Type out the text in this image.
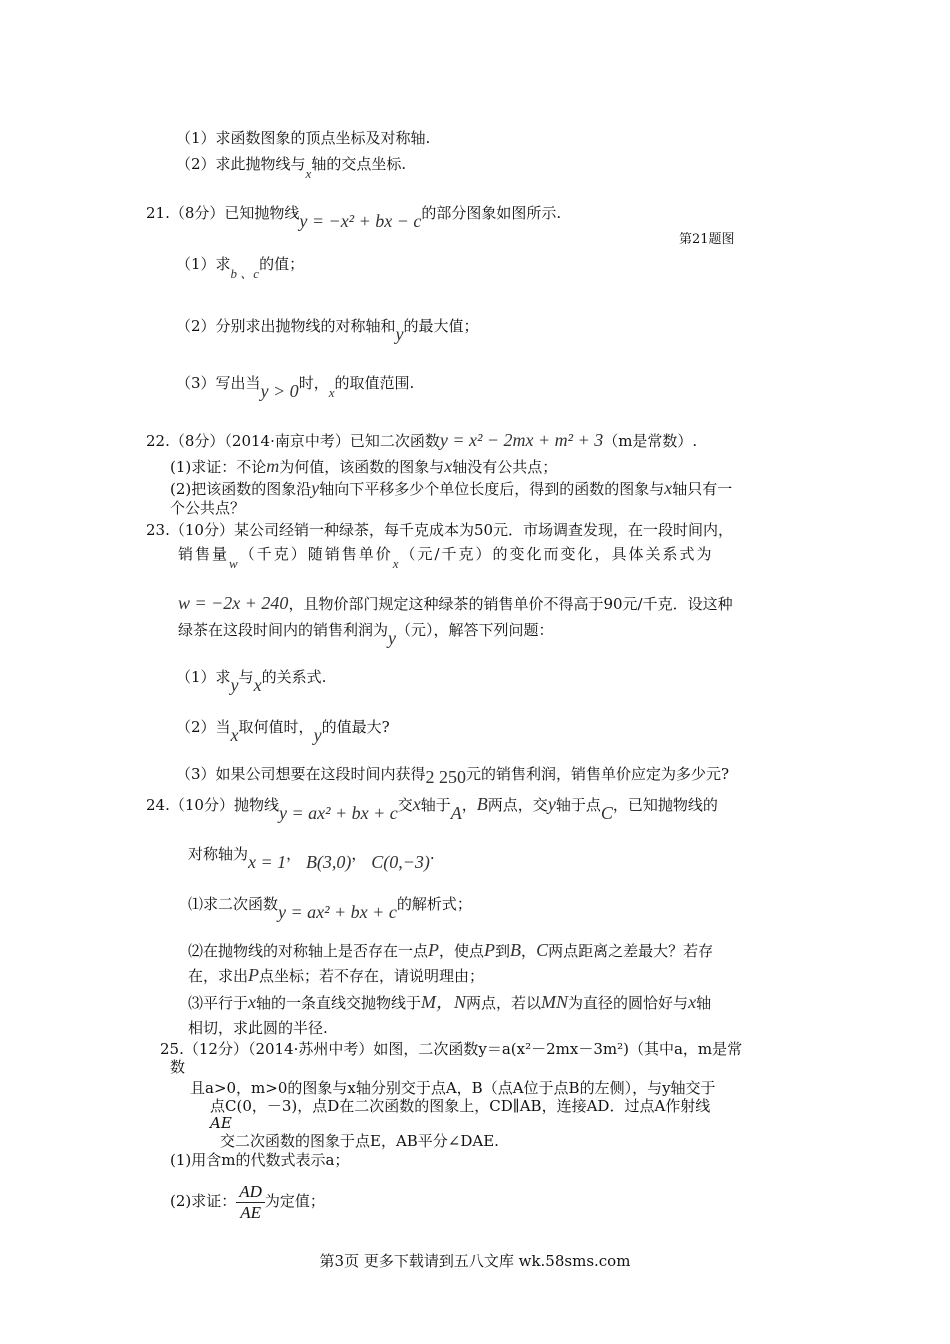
（1）求函数图象的顶点坐标及对称轴.
（2）求此抛物线与x轴的交点坐标.
21.（8分）已知抛物线y = −x² + bx − c的部分图象如图所示.
第21题图
（1）求b 、c的值；
（2）分别求出抛物线的对称轴和y的最大值；
（3）写出当y > 0时，x的取值范围.
22.（8分）（2014·南京中考）已知二次函数y = x² − 2mx + m² + 3（m是常数）.
(1)求证：不论m为何值，该函数的图象与x轴没有公共点；
(2)把该函数的图象沿y轴向下平移多少个单位长度后，得到的函数的图象与x轴只有一
个公共点？
23.（10分）某公司经销一种绿茶，每千克成本为50元．市场调查发现，在一段时间内，
销售量w（千克）随销售单价x（元/千克）的变化而变化，具体关系式为
w = −2x + 240，且物价部门规定这种绿茶的销售单价不得高于90元/千克．设这种
绿茶在这段时间内的销售利润为y（元），解答下列问题：
（1）求y与x的关系式.
（2）当x取何值时，y的值最大?
（3）如果公司想要在这段时间内获得2 250元的销售利润，销售单价应定为多少元?
24.（10分）抛物线y = ax² + bx + c交x轴于A，B两点，交y轴于点C，已知抛物线的
对称轴为x = 1， B(3,0)， C(0,−3).
⑴求二次函数y = ax² + bx + c的解析式；
⑵在抛物线的对称轴上是否存在一点P，使点P到B，C两点距离之差最大？若存
在，求出P点坐标；若不存在，请说明理由；
⑶平行于x轴的一条直线交抛物线于M，N两点，若以MN为直径的圆恰好与x轴
相切，求此圆的半径.
25.（12分）（2014·苏州中考）如图，二次函数y＝a(x²－2mx－3m²)（其中a，m是常
数
且a>0，m>0的图象与x轴分别交于点A，B（点A位于点B的左侧），与y轴交于
点C(0，－3)，点D在二次函数的图象上，CD∥AB，连接AD．过点A作射线
AE
交二次函数的图象于点E，AB平分∠DAE.
(1)用含m的代数式表示a；
(2)求证： $\frac{AD}{AE}$ 为定值；
第3页 更多下载请到五八文库 wk.58sms.com
